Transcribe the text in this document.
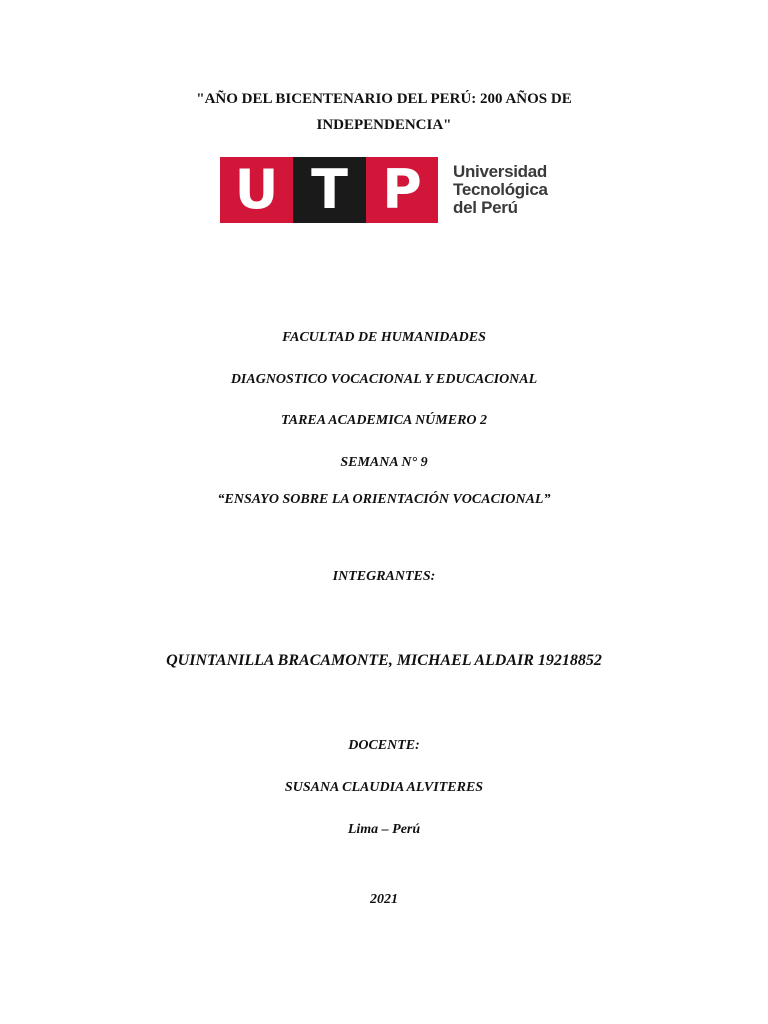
"AÑO DEL BICENTENARIO DEL PERÚ: 200 AÑOS DE
INDEPENDENCIA"
U T P	Universidad
Tecnológica
del Perú
FACULTAD DE HUMANIDADES
DIAGNOSTICO VOCACIONAL Y EDUCACIONAL
TAREA ACADEMICA NÚMERO 2
SEMANA N° 9
“ENSAYO SOBRE LA ORIENTACIÓN VOCACIONAL”
INTEGRANTES:
QUINTANILLA BRACAMONTE, MICHAEL ALDAIR 19218852
DOCENTE:
SUSANA CLAUDIA ALVITERES
Lima – Perú
2021
